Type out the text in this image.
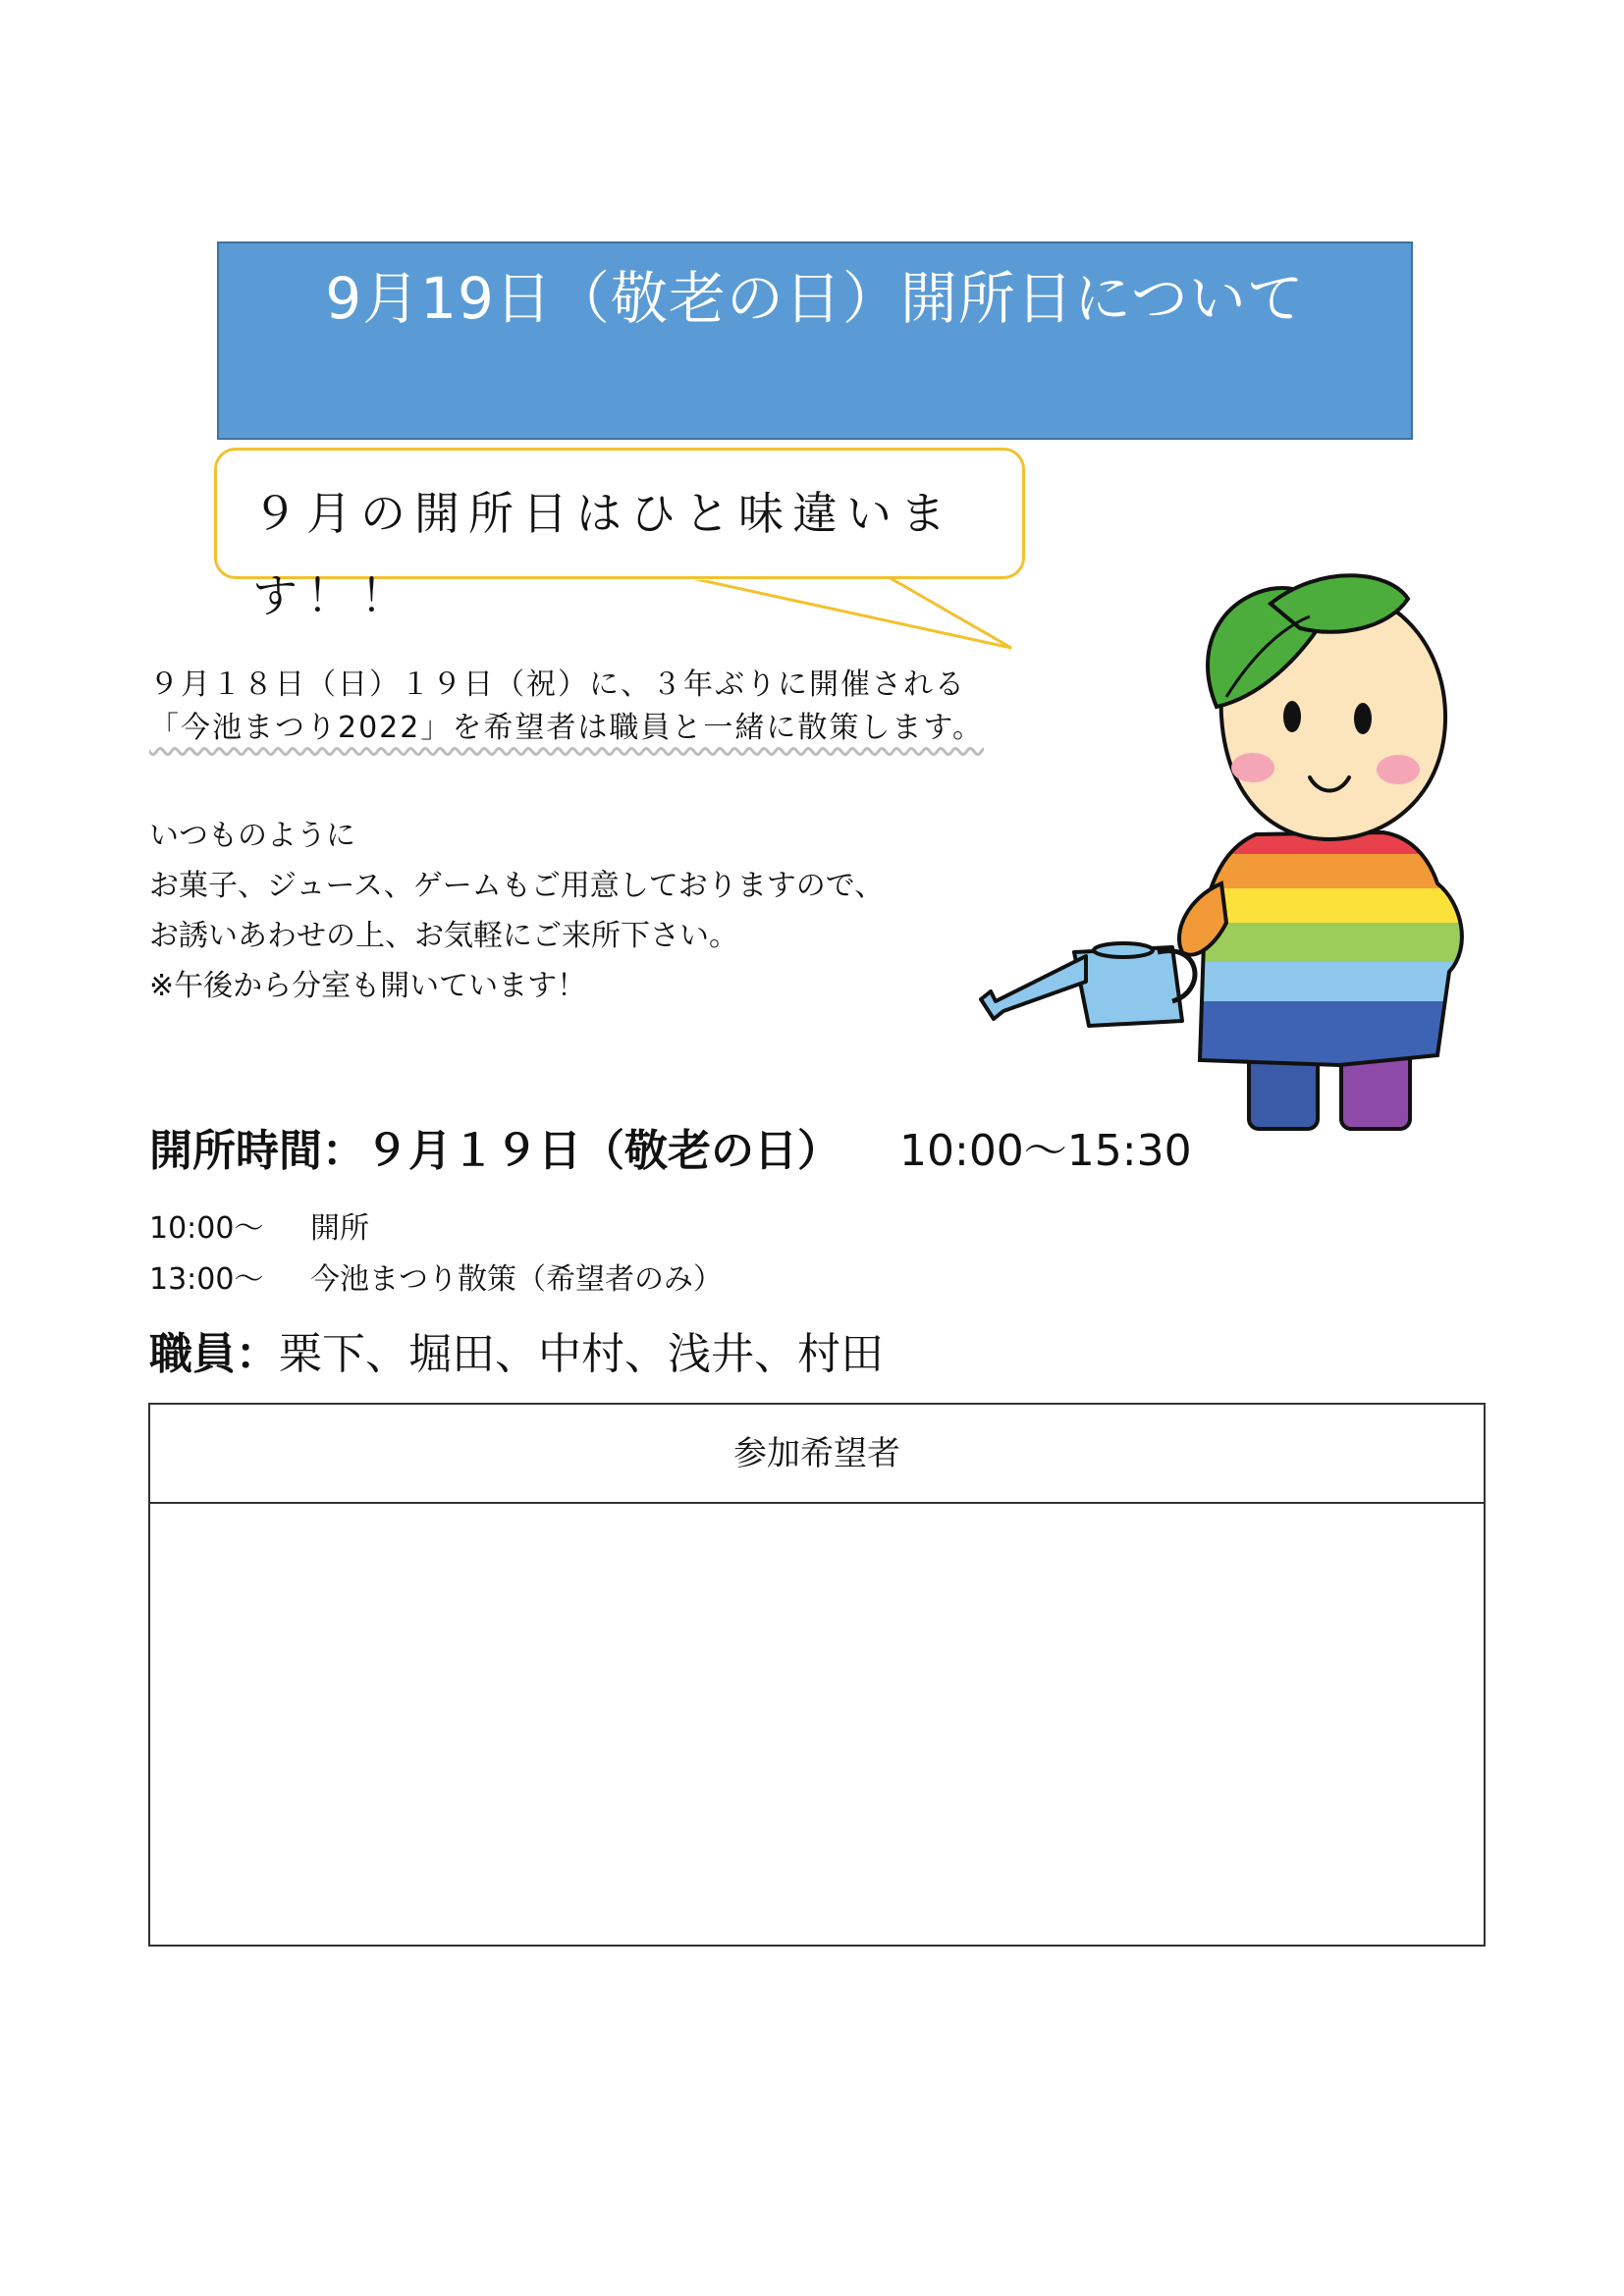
9月19日（敬老の日）開所日について
９月の開所日はひと味違います！！
９月１８日（日）１９日（祝）に、３年ぶりに開催される
「今池まつり2022」を希望者は職員と一緒に散策します。
いつものように
お菓子、ジュース、ゲームもご用意しておりますので、
お誘いあわせの上、お気軽にご来所下さい。
※午後から分室も開いています！
開所時間：９月１９日（敬老の日） 10:00～15:30
10:00～ 開所
13:00～ 今池まつり散策（希望者のみ）
職員：栗下、堀田、中村、浅井、村田
参加希望者
